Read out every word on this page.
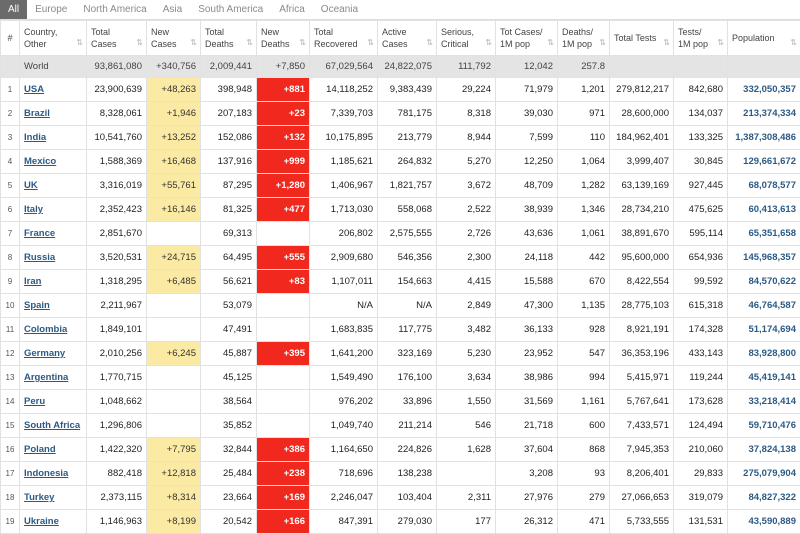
All	Europe	North America	Asia	South America	Africa	Oceania
#	Country, Other ⇅	Total Cases ⇅	New Cases ⇅	Total Deaths ⇅	New Deaths ⇅	Total Recovered ⇅	Active Cases ⇅	Serious, Critical ⇅	Tot Cases/ 1M pop ⇅	Deaths/ 1M pop ⇅	Total Tests ⇅	Tests/ 1M pop ⇅	Population ⇅

	World	93,861,080	+340,756	2,009,441	+7,850	67,029,564	24,822,075	111,792	12,042	257.8			
1	USA	23,900,639	+48,263	398,948	+881	14,118,252	9,383,439	29,224	71,979	1,201	279,812,217	842,680	332,050,357
2	Brazil	8,328,061	+1,946	207,183	+23	7,339,703	781,175	8,318	39,030	971	28,600,000	134,037	213,374,334
3	India	10,541,760	+13,252	152,086	+132	10,175,895	213,779	8,944	7,599	110	184,962,401	133,325	1,387,308,486
4	Mexico	1,588,369	+16,468	137,916	+999	1,185,621	264,832	5,270	12,250	1,064	3,999,407	30,845	129,661,672
5	UK	3,316,019	+55,761	87,295	+1,280	1,406,967	1,821,757	3,672	48,709	1,282	63,139,169	927,445	68,078,577
6	Italy	2,352,423	+16,146	81,325	+477	1,713,030	558,068	2,522	38,939	1,346	28,734,210	475,625	60,413,613
7	France	2,851,670		69,313		206,802	2,575,555	2,726	43,636	1,061	38,891,670	595,114	65,351,658
8	Russia	3,520,531	+24,715	64,495	+555	2,909,680	546,356	2,300	24,118	442	95,600,000	654,936	145,968,357
9	Iran	1,318,295	+6,485	56,621	+83	1,107,011	154,663	4,415	15,588	670	8,422,554	99,592	84,570,622
10	Spain	2,211,967		53,079		N/A	N/A	2,849	47,300	1,135	28,775,103	615,318	46,764,587
11	Colombia	1,849,101		47,491		1,683,835	117,775	3,482	36,133	928	8,921,191	174,328	51,174,694
12	Germany	2,010,256	+6,245	45,887	+395	1,641,200	323,169	5,230	23,952	547	36,353,196	433,143	83,928,800
13	Argentina	1,770,715		45,125		1,549,490	176,100	3,634	38,986	994	5,415,971	119,244	45,419,141
14	Peru	1,048,662		38,564		976,202	33,896	1,550	31,569	1,161	5,767,641	173,628	33,218,414
15	South Africa	1,296,806		35,852		1,049,740	211,214	546	21,718	600	7,433,571	124,494	59,710,476
16	Poland	1,422,320	+7,795	32,844	+386	1,164,650	224,826	1,628	37,604	868	7,945,353	210,060	37,824,138
17	Indonesia	882,418	+12,818	25,484	+238	718,696	138,238		3,208	93	8,206,401	29,833	275,079,904
18	Turkey	2,373,115	+8,314	23,664	+169	2,246,047	103,404	2,311	27,976	279	27,066,653	319,079	84,827,322
19	Ukraine	1,146,963	+8,199	20,542	+166	847,391	279,030	177	26,312	471	5,733,555	131,531	43,590,889
